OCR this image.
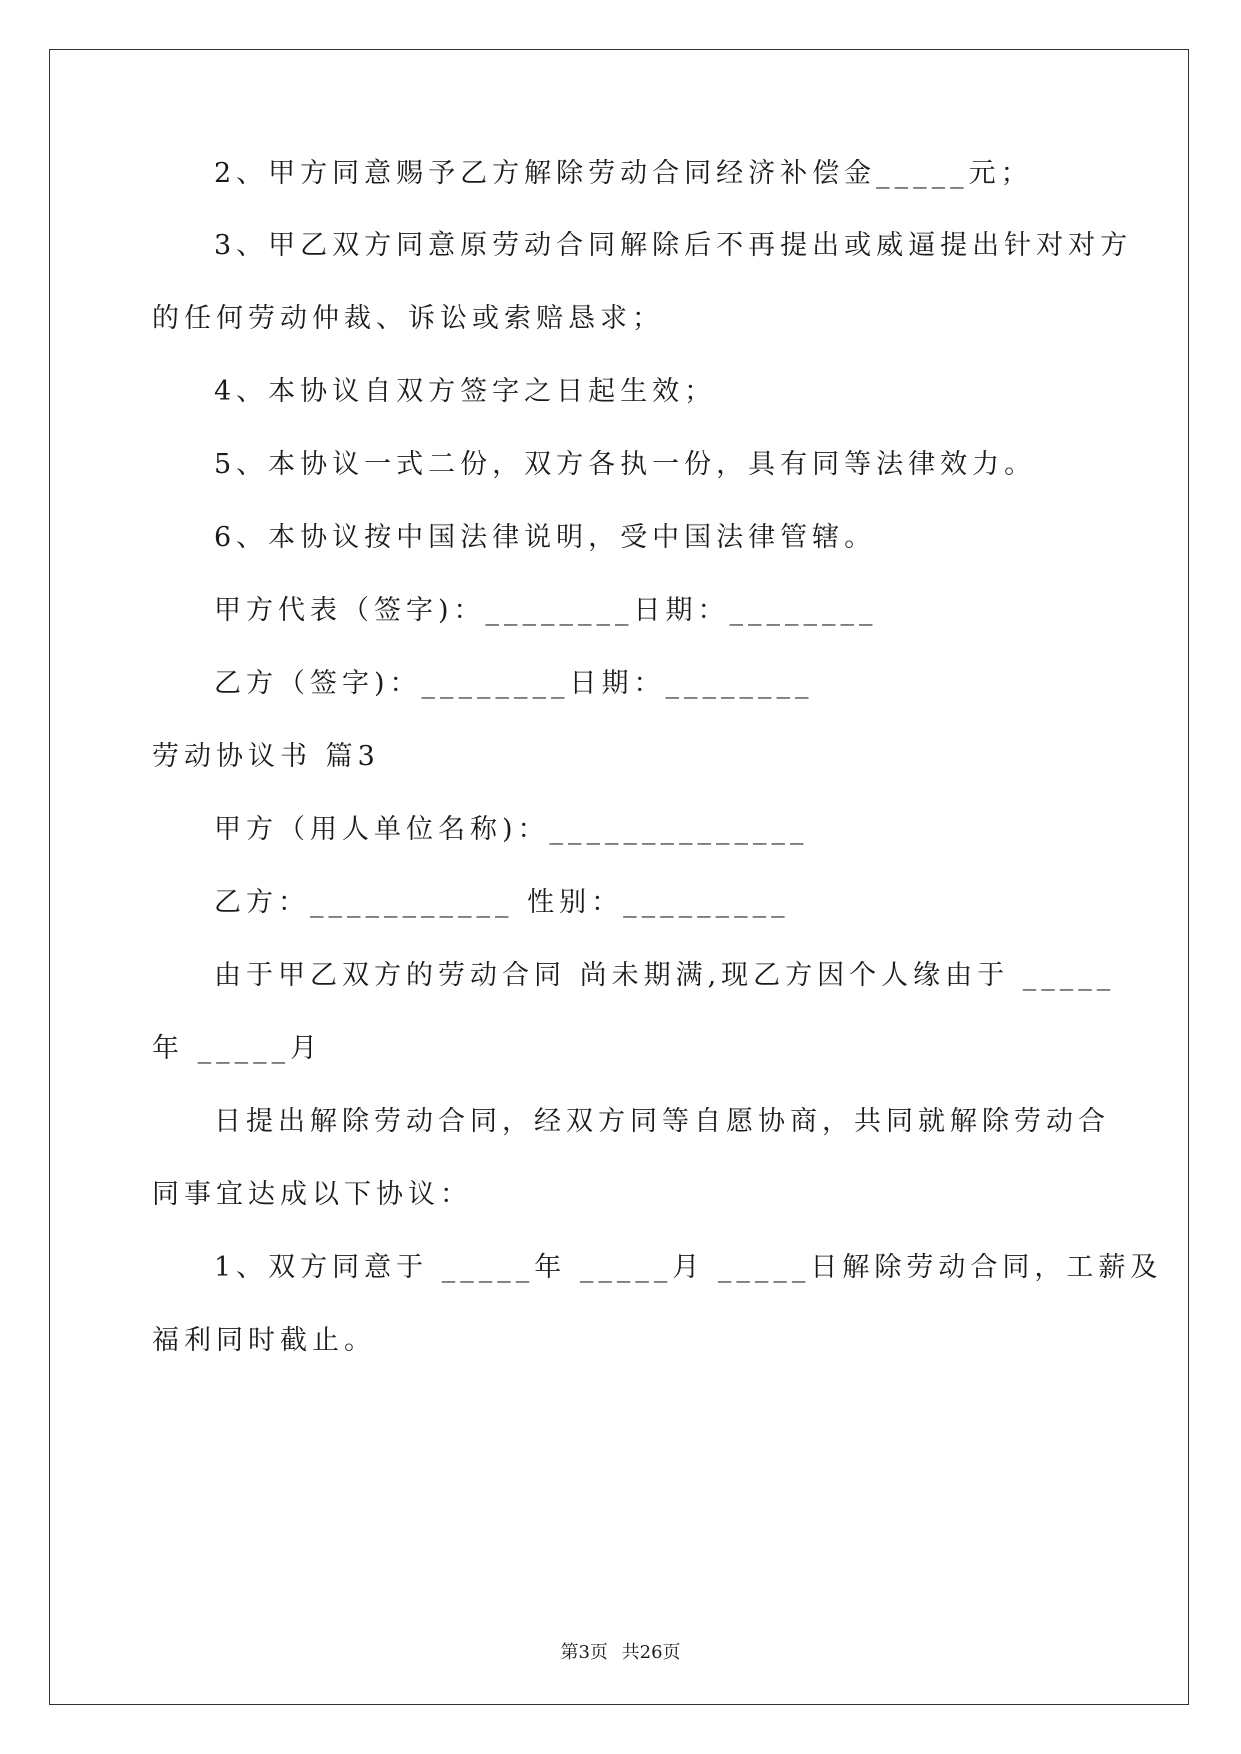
2、甲方同意赐予乙方解除劳动合同经济补偿金_____元；
3、甲乙双方同意原劳动合同解除后不再提出或威逼提出针对对方
的任何劳动仲裁、诉讼或索赔恳求；
4、本协议自双方签字之日起生效；
5、本协议一式二份，双方各执一份，具有同等法律效力。
6、本协议按中国法律说明，受中国法律管辖。
甲方代表（签字)：________日期：________
乙方（签字)：________日期：________
劳动协议书 篇3
甲方（用人单位名称)：______________
乙方：___________ 性别：_________
由于甲乙双方的劳动合同 尚未期满,现乙方因个人缘由于 _____
年 _____月
日提出解除劳动合同，经双方同等自愿协商，共同就解除劳动合
同事宜达成以下协议：
1、双方同意于 _____年 _____月 _____日解除劳动合同，工薪及
福利同时截止。
第3页 共26页
